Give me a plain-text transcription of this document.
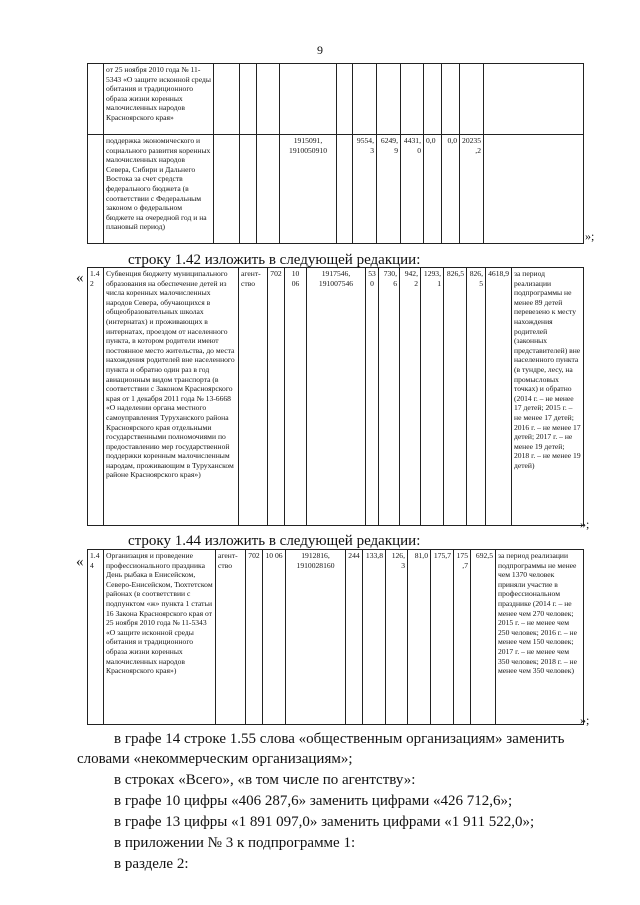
9
	от 25 ноября 2010 года № 11-5343 «О защите исконной среды обитания и традиционного образа жизни коренных малочисленных народов Красноярского края»												
	поддержка экономического и социального развития коренных малочисленных народов Севера, Сибири и Дальнего Востока за счет средств федерального бюджета (в соответствии с Федеральным законом о федеральном бюджете на очередной год и на плановый период)				1915091, 1910050910		9554,3	6249,9	4431,0	0,0	0,0	20235,2	
»;
строку 1.42 изложить в следующей редакции:
« 1.42	Субвенция бюджету муниципального образования на обеспечение детей из числа коренных малочисленных народов Севера, обучающихся в общеобразовательных школах (интернатах) и проживающих в интернатах, проездом от населенного пункта, в котором родители имеют постоянное место жительства, до места нахождения родителей вне населенного пункта и обратно один раз в год авиационным видом транспорта (в соответствии с Законом Красноярского края от 1 декабря 2011 года № 13-6668 «О наделении органа местного самоуправления Туруханского района Красноярского края отдельными государственными полномочиями по предоставлению мер государственной поддержки коренным малочисленным народам, проживающим в Туруханском районе Красноярского края»)	агент-ство	702	10 06	1917546, 191007546	530	730,6	942,2	1293,1	826,5	826,5	4618,9	за период реализации подпрограммы не менее 89 детей перевезено к месту нахождения родителей (законных представителей) вне населенного пункта (в тундре, лесу, на промысловых точках) и обратно (2014 г. – не менее 17 детей; 2015 г. – не менее 17 детей; 2016 г. – не менее 17 детей; 2017 г. – не менее 19 детей; 2018 г. – не менее 19 детей)
»;
строку 1.44 изложить в следующей редакции:
« 1.44	Организация и проведение профессионального праздника День рыбака в Енисейском, Северо-Енисейском, Тюхтетском районах (в соответствии с подпунктом «ж» пункта 1 статьи 16 Закона Красноярского края от 25 ноября 2010 года № 11-5343 «О защите исконной среды обитания и традиционного образа жизни коренных малочисленных народов Красноярского края»)	агент-ство	702	10 06	1912816, 1910028160	244	133,8	126,3	81,0	175,7	175,7	692,5	за период реализации подпрограммы не менее чем 1370 человек приняли участие в профессиональном празднике (2014 г. – не менее чем 270 человек; 2015 г. – не менее чем 250 человек; 2016 г. – не менее чем 150 человек; 2017 г. – не менее чем 350 человек; 2018 г. – не менее чем 350 человек)
»;
в графе 14 строке 1.55 слова «общественным организациям» заменить
словами «некоммерческим организациям»;
в строках «Всего», «в том числе по агентству»:
в графе 10 цифры «406 287,6» заменить цифрами «426 712,6»;
в графе 13 цифры «1 891 097,0» заменить цифрами «1 911 522,0»;
в приложении № 3 к подпрограмме 1:
в разделе 2:
